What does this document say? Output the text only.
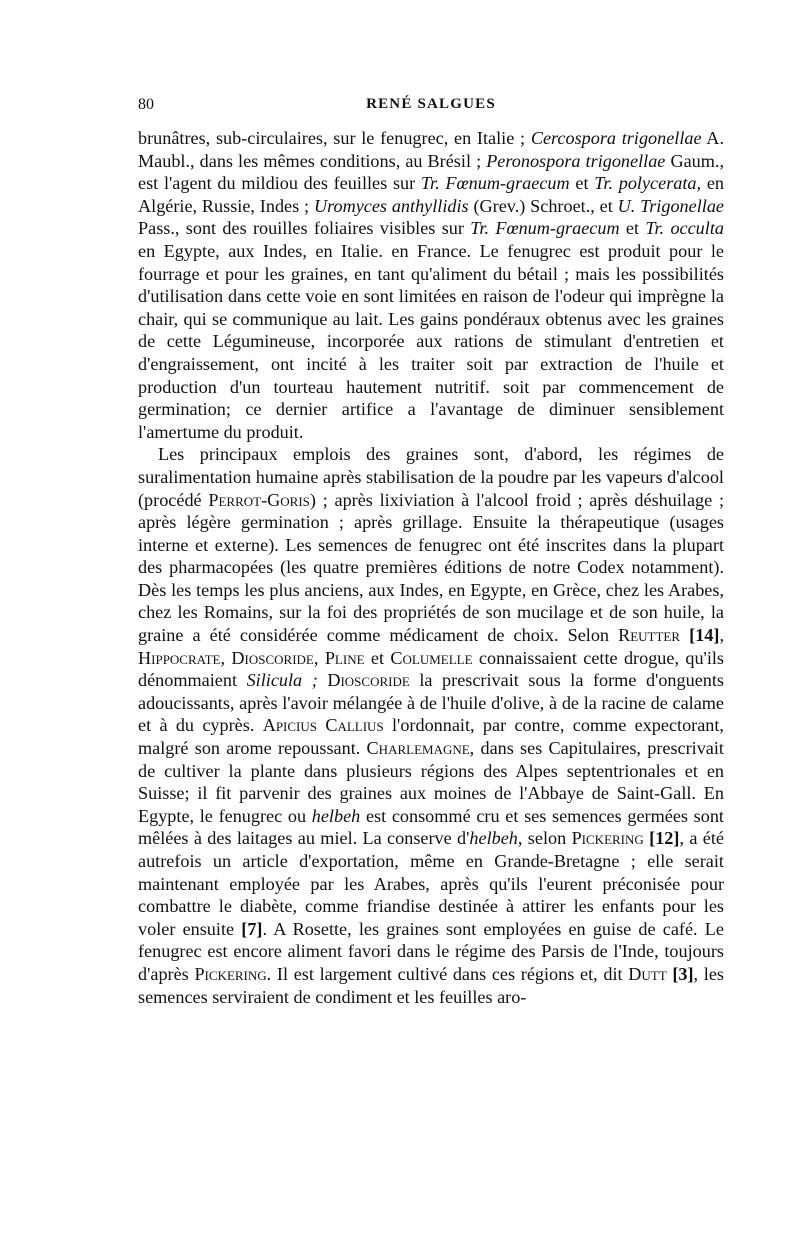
80	RENÉ SALGUES

brunâtres, sub-circulaires, sur le fenugrec, en Italie ; Cercospora trigonellae A. Maubl., dans les mêmes conditions, au Brésil ; Peronospora trigonellae Gaum., est l'agent du mildiou des feuilles sur Tr. Fœnum-graecum et Tr. polycerata, en Algérie, Russie, Indes ; Uromyces anthyllidis (Grev.) Schroet., et U. Trigonellae Pass., sont des rouilles foliaires visibles sur Tr. Fœnum-graecum et Tr. occulta en Egypte, aux Indes, en Italie. en France. Le fenugrec est produit pour le fourrage et pour les graines, en tant qu'aliment du bétail ; mais les possibilités d'utilisation dans cette voie en sont limitées en raison de l'odeur qui imprègne la chair, qui se communique au lait. Les gains pondéraux obtenus avec les graines de cette Légumineuse, incorporée aux rations de stimulant d'entretien et d'engraissement, ont incité à les traiter soit par extraction de l'huile et production d'un tourteau hautement nutritif. soit par commencement de germination; ce dernier artifice a l'avantage de diminuer sensiblement l'amertume du produit.

Les principaux emplois des graines sont, d'abord, les régimes de suralimentation humaine après stabilisation de la poudre par les vapeurs d'alcool (procédé Perrot-Goris) ; après lixiviation à l'alcool froid ; après déshuilage ; après légère germination ; après grillage. Ensuite la thérapeutique (usages interne et externe). Les semences de fenugrec ont été inscrites dans la plupart des pharmacopées (les quatre premières éditions de notre Codex notamment). Dès les temps les plus anciens, aux Indes, en Egypte, en Grèce, chez les Arabes, chez les Romains, sur la foi des propriétés de son mucilage et de son huile, la graine a été considérée comme médicament de choix. Selon Reutter [14], Hippocrate, Dioscoride, Pline et Columelle connaissaient cette drogue, qu'ils dénommaient Silicula ; Dioscoride la prescrivait sous la forme d'onguents adoucissants, après l'avoir mélangée à de l'huile d'olive, à de la racine de calame et à du cyprès. Apicius Callius l'ordonnait, par contre, comme expectorant, malgré son arome repoussant. Charlemagne, dans ses Capitulaires, prescrivait de cultiver la plante dans plusieurs régions des Alpes septentrionales et en Suisse; il fit parvenir des graines aux moines de l'Abbaye de Saint-Gall. En Egypte, le fenugrec ou helbeh est consommé cru et ses semences germées sont mêlées à des laitages au miel. La conserve d'helbeh, selon Pickering [12], a été autrefois un article d'exportation, même en Grande-Bretagne ; elle serait maintenant employée par les Arabes, après qu'ils l'eurent préconisée pour combattre le diabète, comme friandise destinée à attirer les enfants pour les voler ensuite [7]. A Rosette, les graines sont employées en guise de café. Le fenugrec est encore aliment favori dans le régime des Parsis de l'Inde, toujours d'après Pickering. Il est largement cultivé dans ces régions et, dit Dutt [3], les semences serviraient de condiment et les feuilles aro-
